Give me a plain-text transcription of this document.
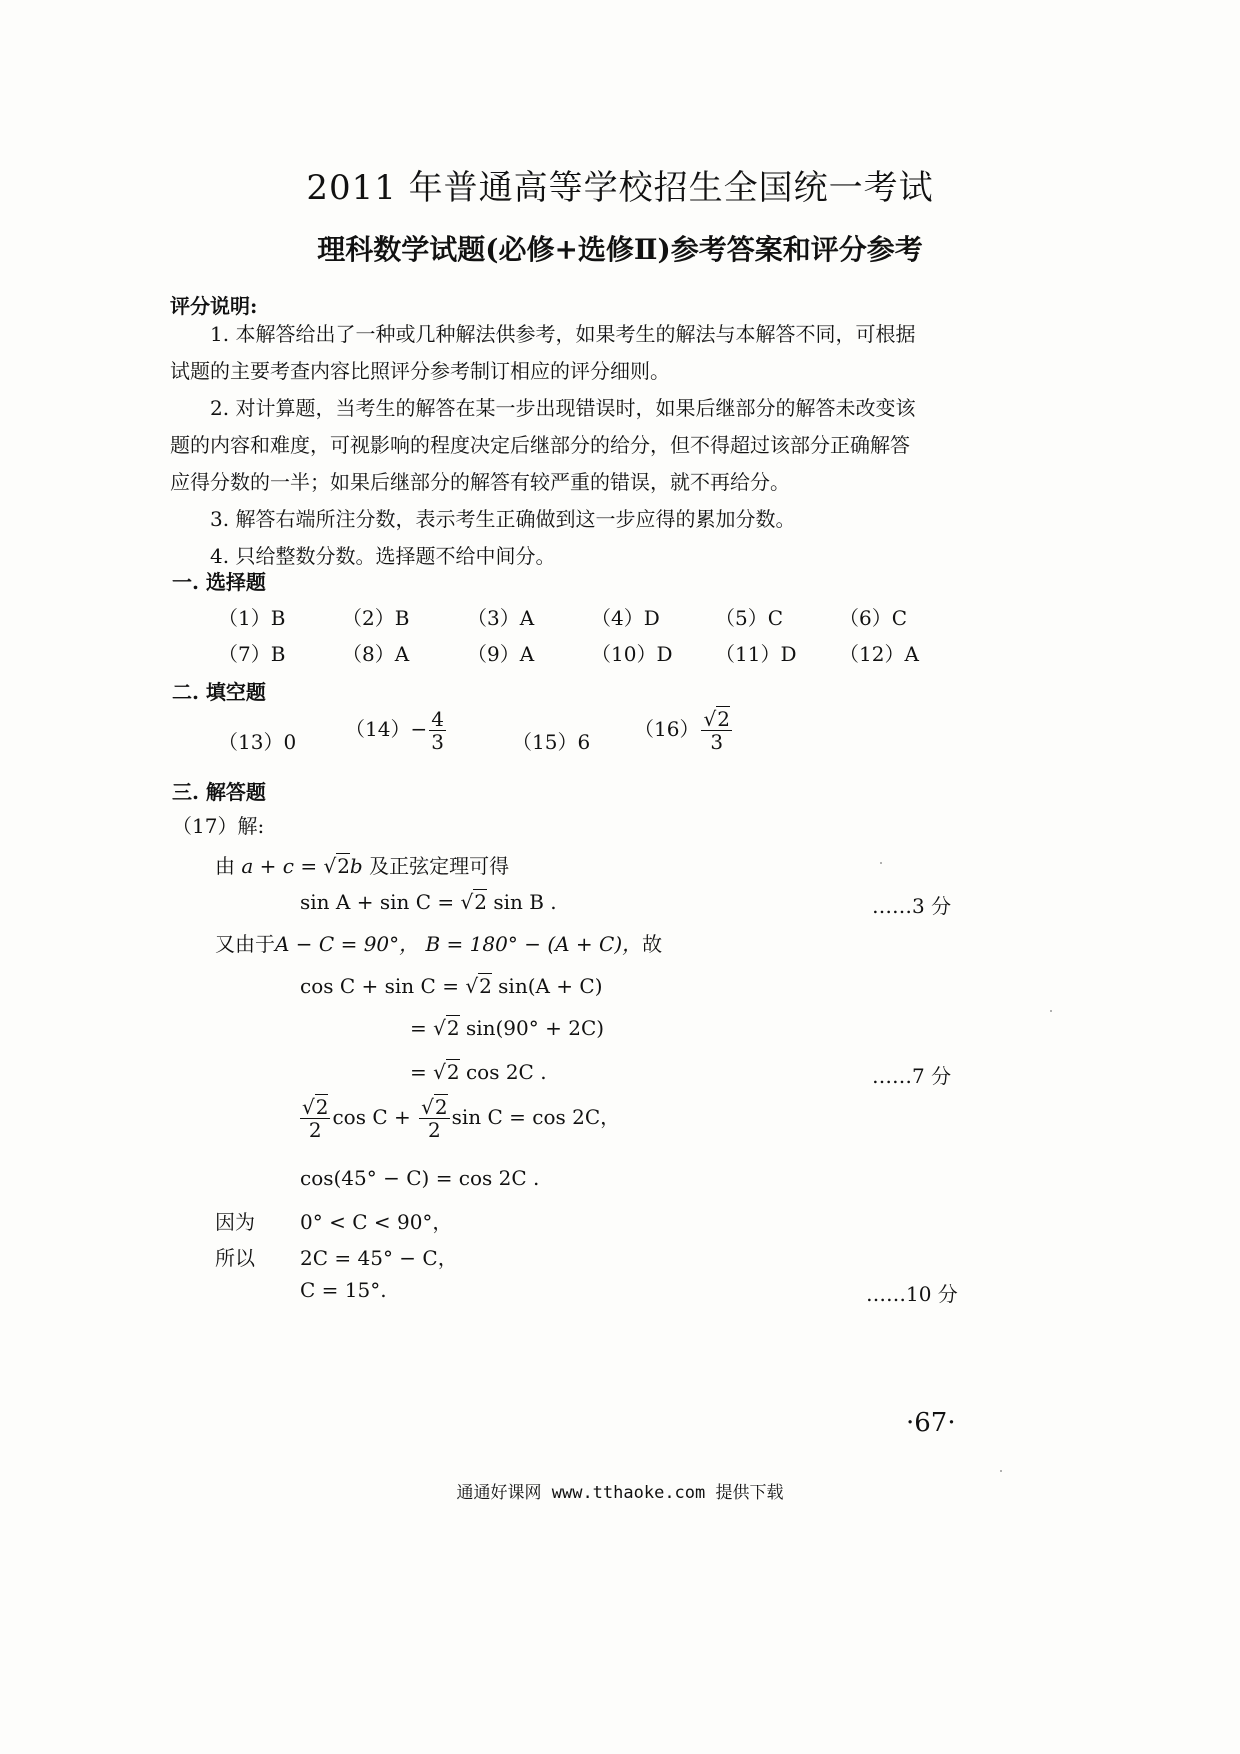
2011 年普通高等学校招生全国统一考试
理科数学试题(必修+选修Ⅱ)参考答案和评分参考
评分说明:

1. 本解答给出了一种或几种解法供参考，如果考生的解法与本解答不同，可根据

试题的主要考查内容比照评分参考制订相应的评分细则。

2. 对计算题，当考生的解答在某一步出现错误时，如果后继部分的解答未改变该

题的内容和难度，可视影响的程度决定后继部分的给分，但不得超过该部分正确解答

应得分数的一半；如果后继部分的解答有较严重的错误，就不再给分。

3. 解答右端所注分数，表示考生正确做到这一步应得的累加分数。

4. 只给整数分数。选择题不给中间分。

一. 选择题
（1）B	（2）B	（3）A	（4）D	（5）C	（6）C
（7）B	（8）A	（9）A	（10）D （11）D （12）A
二. 填空题
（13）0
$(14)- \frac{4}{3}$	（15）6
$(16) \frac{√2}{3}$
三. 解答题
（17）解:
由 a + c = √2b 及正弦定理可得
sin A + sin C = √2 sin B .	……3 分
又由于A − C = 90°， B = 180° − (A + C)，故
cos C + sin C = √2 sin(A + C)
= √2 sin(90° + 2C)
= √2 cos 2C .	……7 分
$\frac{√2}{2}$ $\cos C + \frac{√2}{2}$ sin C = cos 2C，
cos(45° − C) = cos 2C .
因为 0° < C < 90°，
所以 2C = 45° − C，
C = 15°.	……10 分
·67·
通通好课网 www.tthaoke.com 提供下载
